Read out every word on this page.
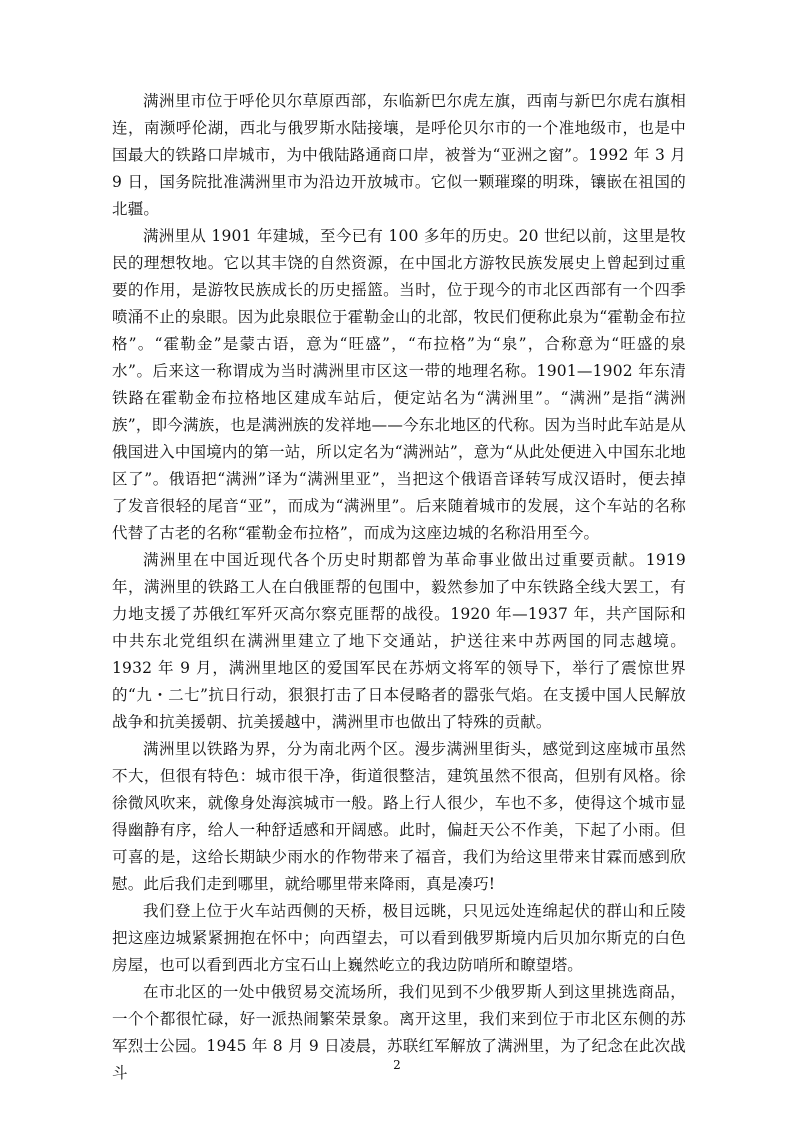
满洲里市位于呼伦贝尔草原西部，东临新巴尔虎左旗，西南与新巴尔虎右旗相连，南濒呼伦湖，西北与俄罗斯水陆接壤，是呼伦贝尔市的一个准地级市，也是中国最大的铁路口岸城市，为中俄陆路通商口岸，被誉为“亚洲之窗”。1992 年 3 月 9 日，国务院批准满洲里市为沿边开放城市。它似一颗璀璨的明珠，镶嵌在祖国的北疆。

满洲里从 1901 年建城，至今已有 100 多年的历史。20 世纪以前，这里是牧民的理想牧地。它以其丰饶的自然资源，在中国北方游牧民族发展史上曾起到过重要的作用，是游牧民族成长的历史摇篮。当时，位于现今的市北区西部有一个四季喷涌不止的泉眼。因为此泉眼位于霍勒金山的北部，牧民们便称此泉为“霍勒金布拉格”。“霍勒金”是蒙古语，意为“旺盛”，“布拉格”为“泉”，合称意为“旺盛的泉水”。后来这一称谓成为当时满洲里市区这一带的地理名称。1901—1902 年东清铁路在霍勒金布拉格地区建成车站后，便定站名为“满洲里”。“满洲”是指“满洲族”，即今满族，也是满洲族的发祥地——今东北地区的代称。因为当时此车站是从俄国进入中国境内的第一站，所以定名为“满洲站”，意为“从此处便进入中国东北地区了”。俄语把“满洲”译为“满洲里亚”，当把这个俄语音译转写成汉语时，便去掉了发音很轻的尾音“亚”，而成为“满洲里”。后来随着城市的发展，这个车站的名称代替了古老的名称“霍勒金布拉格”，而成为这座边城的名称沿用至今。

满洲里在中国近现代各个历史时期都曾为革命事业做出过重要贡献。1919 年，满洲里的铁路工人在白俄匪帮的包围中，毅然参加了中东铁路全线大罢工，有力地支援了苏俄红军歼灭高尔察克匪帮的战役。1920 年—1937 年，共产国际和中共东北党组织在满洲里建立了地下交通站，护送往来中苏两国的同志越境。1932 年 9 月，满洲里地区的爱国军民在苏炳文将军的领导下，举行了震惊世界的“九・二七”抗日行动，狠狠打击了日本侵略者的嚣张气焰。在支援中国人民解放战争和抗美援朝、抗美援越中，满洲里市也做出了特殊的贡献。

满洲里以铁路为界，分为南北两个区。漫步满洲里街头，感觉到这座城市虽然不大，但很有特色：城市很干净，街道很整洁，建筑虽然不很高，但别有风格。徐徐微风吹来，就像身处海滨城市一般。路上行人很少，车也不多，使得这个城市显得幽静有序，给人一种舒适感和开阔感。此时，偏赶天公不作美，下起了小雨。但可喜的是，这给长期缺少雨水的作物带来了福音，我们为给这里带来甘霖而感到欣慰。此后我们走到哪里，就给哪里带来降雨，真是凑巧!

我们登上位于火车站西侧的天桥，极目远眺，只见远处连绵起伏的群山和丘陵把这座边城紧紧拥抱在怀中；向西望去，可以看到俄罗斯境内后贝加尔斯克的白色房屋，也可以看到西北方宝石山上巍然屹立的我边防哨所和瞭望塔。

在市北区的一处中俄贸易交流场所，我们见到不少俄罗斯人到这里挑选商品，一个个都很忙碌，好一派热闹繁荣景象。离开这里，我们来到位于市北区东侧的苏军烈士公园。1945 年 8 月 9 日凌晨，苏联红军解放了满洲里，为了纪念在此次战斗	2
